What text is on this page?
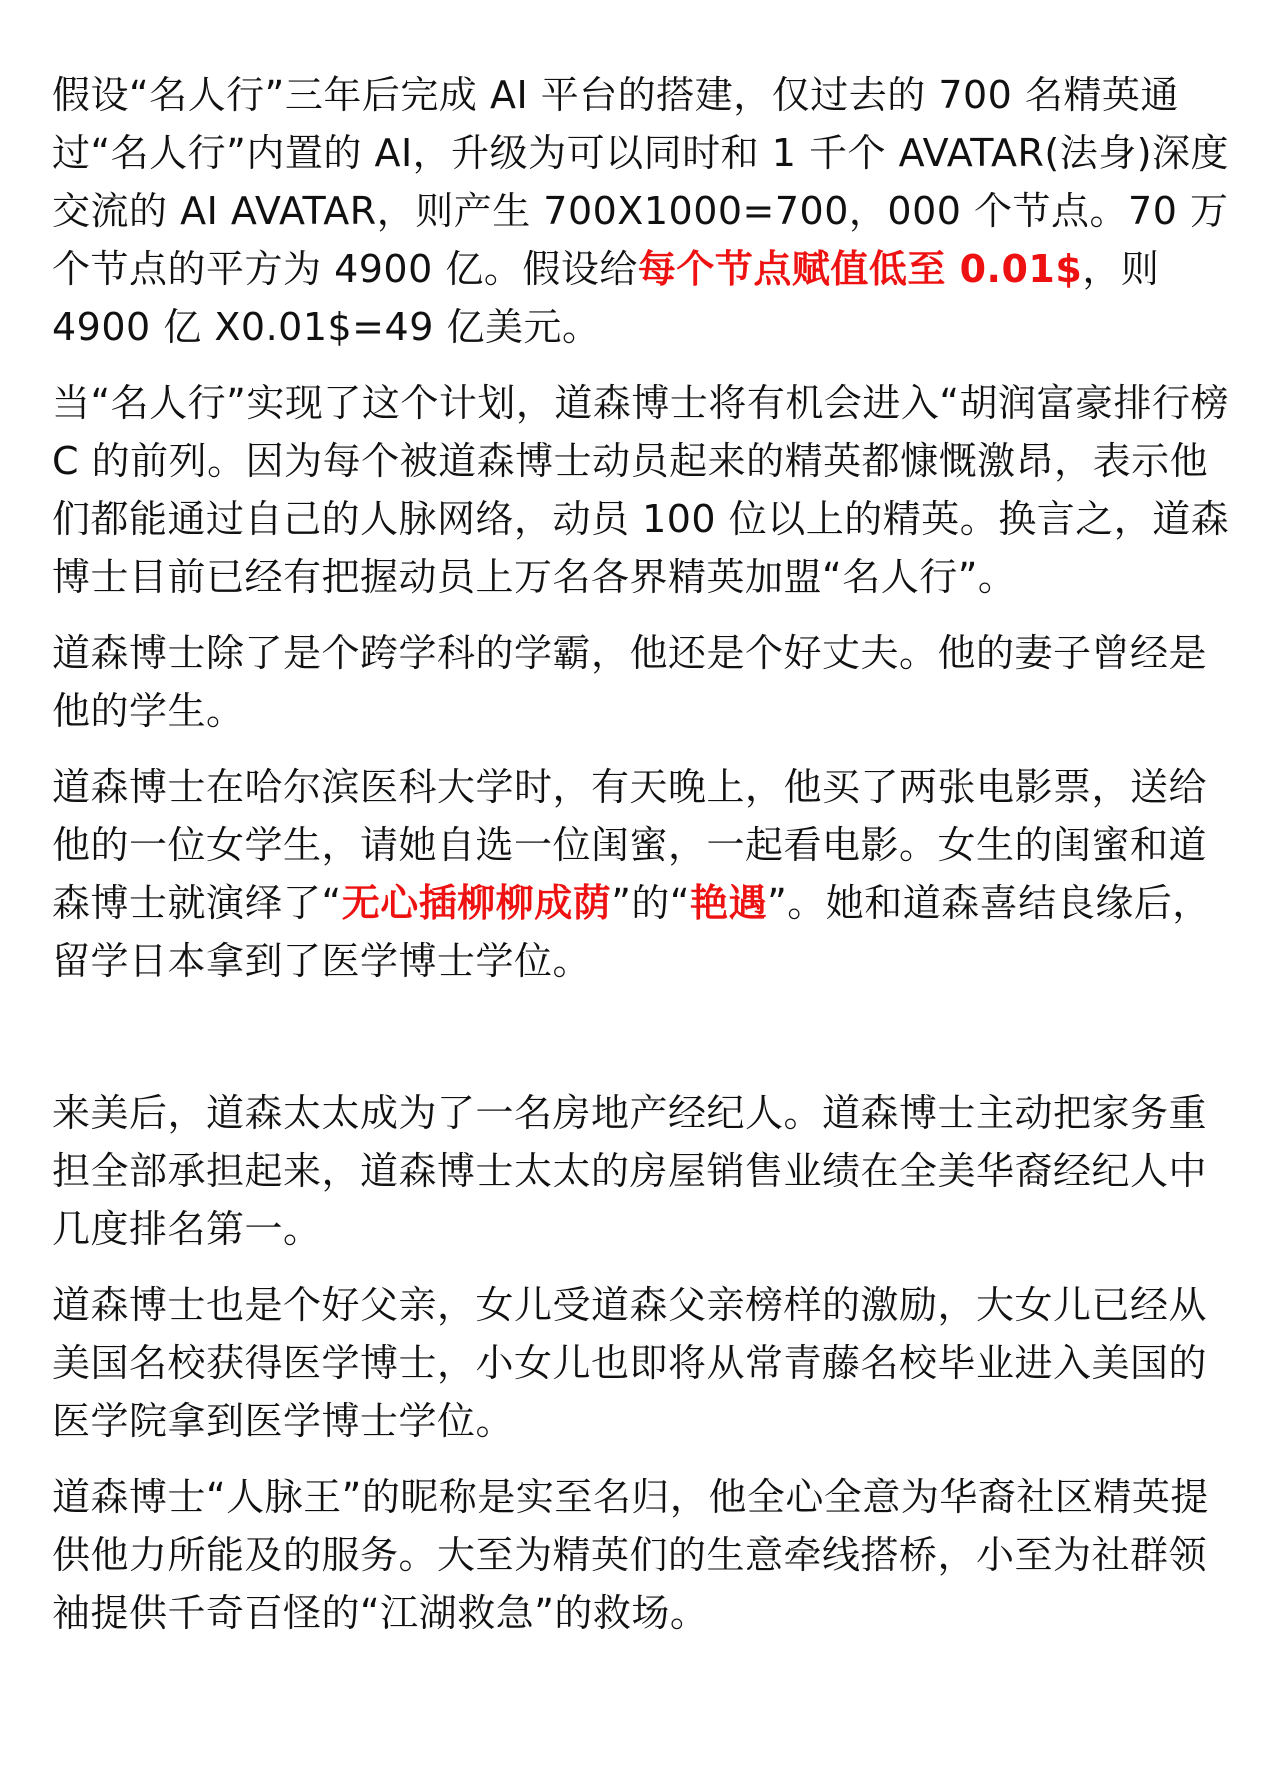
假设“名人行”三年后完成 AI 平台的搭建，仅过去的 700 名精英通过“名人行”内置的 AI，升级为可以同时和 1 千个 AVATAR(法身)深度交流的 AI AVATAR，则产生 700X1000=700，000 个节点。70 万个节点的平方为 4900 亿。假设给每个节点赋值低至 0.01$，则 4900 亿 X0.01$=49 亿美元。

当“名人行”实现了这个计划，道森博士将有机会进入“胡润富豪排行榜 C 的前列。因为每个被道森博士动员起来的精英都慷慨激昂，表示他们都能通过自己的人脉网络，动员 100 位以上的精英。换言之，道森博士目前已经有把握动员上万名各界精英加盟“名人行”。

道森博士除了是个跨学科的学霸，他还是个好丈夫。他的妻子曾经是他的学生。

道森博士在哈尔滨医科大学时，有天晚上，他买了两张电影票，送给他的一位女学生，请她自选一位闺蜜，一起看电影。女生的闺蜜和道森博士就演绎了“无心插柳柳成荫”的“艳遇”。她和道森喜结良缘后，留学日本拿到了医学博士学位。

来美后，道森太太成为了一名房地产经纪人。道森博士主动把家务重担全部承担起来，道森博士太太的房屋销售业绩在全美华裔经纪人中几度排名第一。

道森博士也是个好父亲，女儿受道森父亲榜样的激励，大女儿已经从美国名校获得医学博士，小女儿也即将从常青藤名校毕业进入美国的医学院拿到医学博士学位。

道森博士“人脉王”的昵称是实至名归，他全心全意为华裔社区精英提供他力所能及的服务。大至为精英们的生意牵线搭桥，小至为社群领袖提供千奇百怪的“江湖救急”的救场。
